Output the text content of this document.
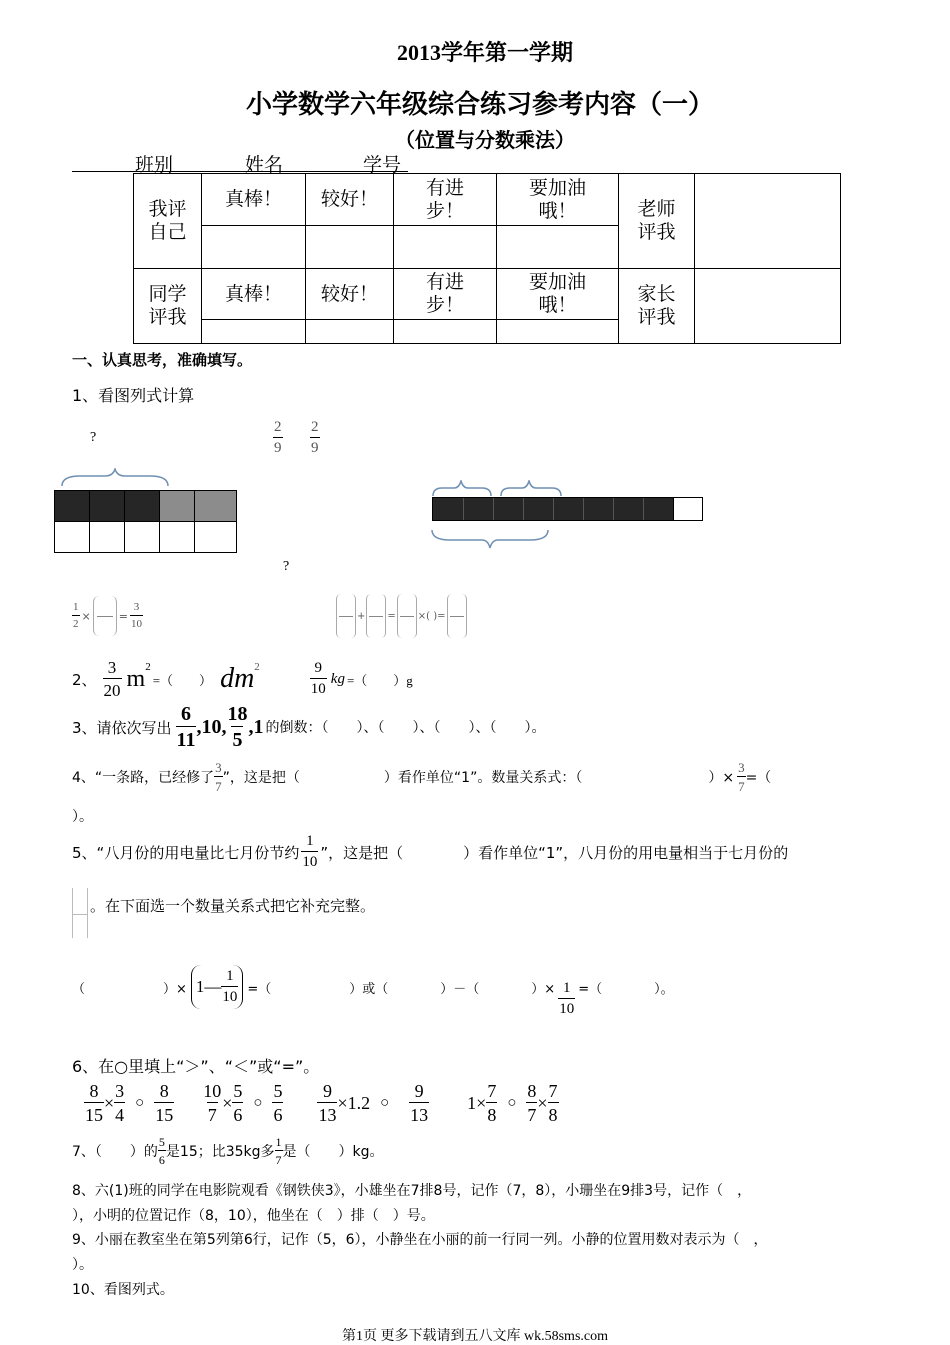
2013学年第一学期
小学数学六年级综合练习参考内容（一）
（位置与分数乘法）
班别	姓名	学号
我评自己	真棒！	较好！	有进步！	要加油哦！	老师评我	

同学评我	真棒！	较好！	有进步！	要加油哦！	家长评我	

一、认真思考，准确填写。
1、看图列式计算
?	$\frac{2}{9} \frac{2}{9}$
?
$\frac{1}{2}$ ×	= $\frac{3}{10}$	+ = ×( )=
2、 $\frac{3}{20}$ m 2
=（　　） dm 2	$\frac{9}{10}$ kg =（　　）g
3、请依次写出 $\frac{6}{11} ,10$, $\frac{18}{5} ,1$ 的倒数：（　　）、（　　）、（　　）、（　　）。
4、“一条路，已经修了 $\frac{3}{7}$ ”，这是把（　　　　　　）看作单位“1”。数量关系式：（　　　　　　　　　）× $\frac{3}{7}$ =（
）。
5、“八月份的用电量比七月份节约 $\frac{1}{10}$ ”，这是把（　　　　）看作单位“1”，八月份的用电量相当于七月份的
。在下面选一个数量关系式把它补充完整。
（　　　　　　）× 1— $\frac{1}{10}$ =（　　　　　　）或（　　　　）－（　　　　）× $\frac{1}{10}$ =（　　　　）。
6、在○里填上“＞”、“＜”或“=”。
$\frac{8}{15} \times \frac{3}{4}$ ○ $\frac{8}{15} \frac{10}{7} \times \frac{5}{6}$ ○ $\frac{5}{6} \frac{9}{13} \times 1.2$ ○ $\frac{9}{13} 1\times \frac{7}{8}$ ○ $\frac{8}{7} \times \frac{7}{8}$
7、（　　）的 $\frac{5}{6}$ 是15；比35kg多 $\frac{1}{7}$ 是（　　）kg。
8、六(1)班的同学在电影院观看《钢铁侠3》，小雄坐在7排8号，记作（7，8），小珊坐在9排3号，记作（　，
），小明的位置记作（8，10），他坐在（　）排（　）号。
9、小丽在教室坐在第5列第6行，记作（5，6），小静坐在小丽的前一行同一列。小静的位置用数对表示为（　，
）。
10、看图列式。
第1页 更多下载请到五八文库 wk.58sms.com
